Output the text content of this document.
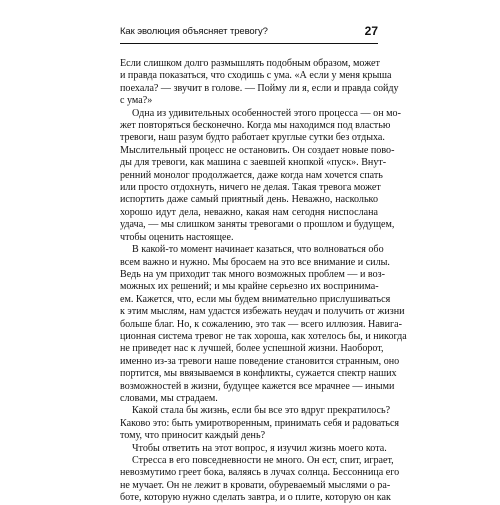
Как эволюция объясняет тревогу?	27
Если слишком долго размышлять подобным образом, может
и правда показаться, что сходишь с ума. «А если у меня крыша
поехала? — звучит в голове. — Пойму ли я, если и правда сойду
с ума?»
Одна из удивительных особенностей этого процесса — он мо-
жет повторяться бесконечно. Когда мы находимся под властью
тревоги, наш разум будто работает круглые сутки без отдыха.
Мыслительный процесс не остановить. Он создает новые пово-
ды для тревоги, как машина с заевшей кнопкой «пуск». Внут-
ренний монолог продолжается, даже когда нам хочется спать
или просто отдохнуть, ничего не делая. Такая тревога может
испортить даже самый приятный день. Неважно, насколько
хорошо идут дела, неважно, какая нам сегодня ниспослана
удача, — мы слишком заняты тревогами о прошлом и будущем,
чтобы оценить настоящее.
В какой-то момент начинает казаться, что волноваться обо
всем важно и нужно. Мы бросаем на это все внимание и силы.
Ведь на ум приходит так много возможных проблем — и воз-
можных их решений; и мы крайне серьезно их воспринима-
ем. Кажется, что, если мы будем внимательно прислушиваться
к этим мыслям, нам удастся избежать неудач и получить от жизни
больше благ. Но, к сожалению, это так — всего иллюзия. Навига-
ционная система тревог не так хороша, как хотелось бы, и никогда
не приведет нас к лучшей, более успешной жизни. Наоборот,
именно из-за тревоги наше поведение становится странным, оно
портится, мы ввязываемся в конфликты, сужается спектр наших
возможностей в жизни, будущее кажется все мрачнее — иными
словами, мы страдаем.
Какой стала бы жизнь, если бы все это вдруг прекратилось?
Каково это: быть умиротворенным, принимать себя и радоваться
тому, что приносит каждый день?
Чтобы ответить на этот вопрос, я изучил жизнь моего кота.
Стресса в его повседневности не много. Он ест, спит, играет,
невозмутимо греет бока, валяясь в лучах солнца. Бессонница его
не мучает. Он не лежит в кровати, обуреваемый мыслями о ра-
боте, которую нужно сделать завтра, и о плите, которую он как
